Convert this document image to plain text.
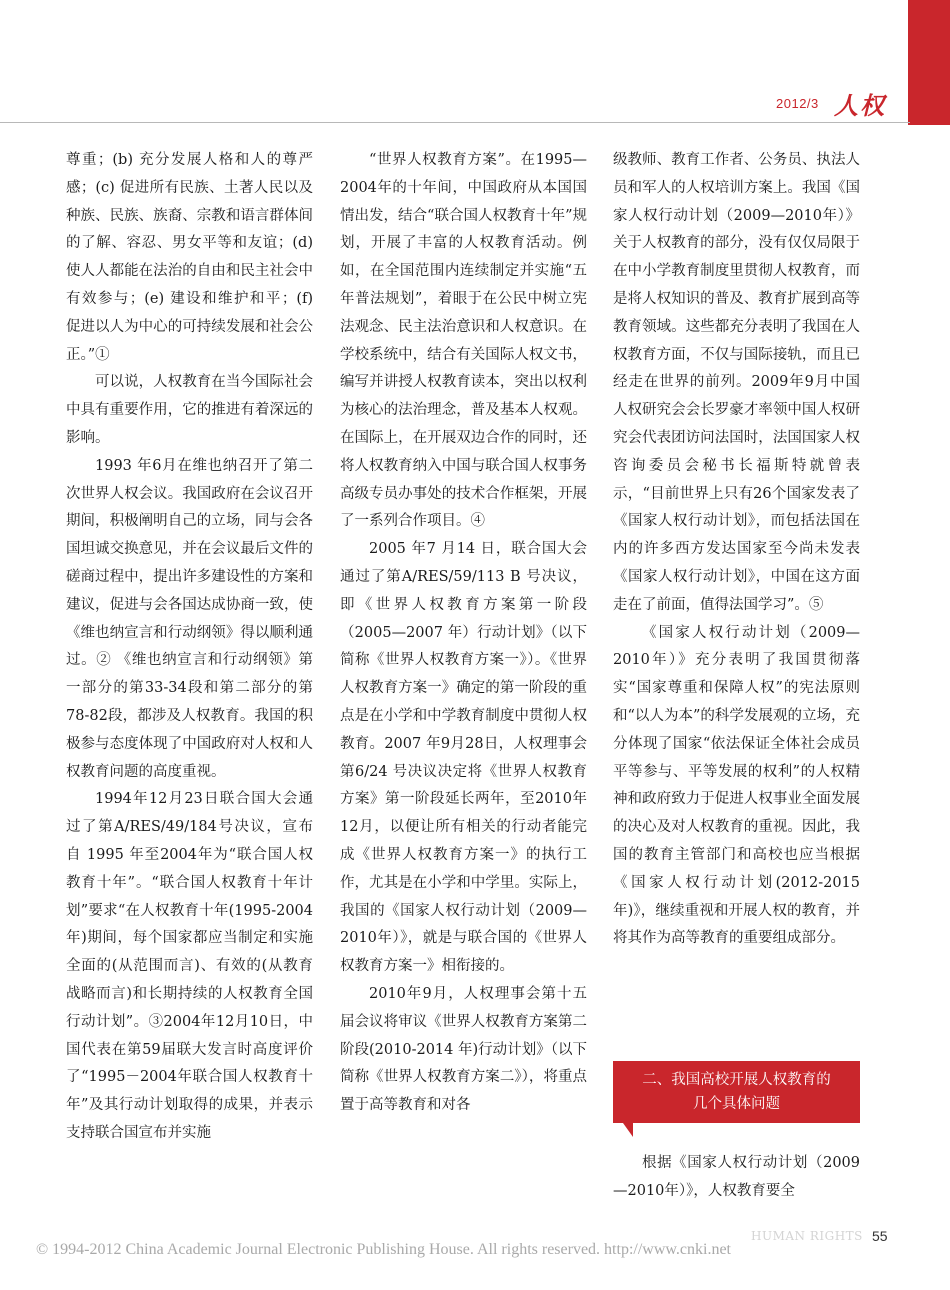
2012/3 人权

尊重；(b) 充分发展人格和人的尊严感；(c) 促进所有民族、土著人民以及种族、民族、族裔、宗教和语言群体间的了解、容忍、男女平等和友谊；(d) 使人人都能在法治的自由和民主社会中有效参与；(e) 建设和维护和平；(f) 促进以人为中心的可持续发展和社会公正。”①

可以说，人权教育在当今国际社会中具有重要作用，它的推进有着深远的影响。

1993 年6月在维也纳召开了第二次世界人权会议。我国政府在会议召开期间，积极阐明自己的立场，同与会各国坦诚交换意见，并在会议最后文件的磋商过程中，提出许多建设性的方案和建议，促进与会各国达成协商一致，使《维也纳宣言和行动纲领》得以顺利通过。② 《维也纳宣言和行动纲领》第一部分的第33-34段和第二部分的第78-82段，都涉及人权教育。我国的积极参与态度体现了中国政府对人权和人权教育问题的高度重视。

1994年12月23日联合国大会通过了第A/RES/49/184号决议，宣布自 1995 年至2004年为“联合国人权教育十年”。“联合国人权教育十年计划”要求“在人权教育十年(1995-2004 年)期间，每个国家都应当制定和实施全面的(从范围而言)、有效的(从教育战略而言)和长期持续的人权教育全国行动计划”。③2004年12月10日，中国代表在第59届联大发言时高度评价了“1995－2004年联合国人权教育十年”及其行动计划取得的成果，并表示支持联合国宣布并实施

“世界人权教育方案”。在1995—2004年的十年间，中国政府从本国国情出发，结合“联合国人权教育十年”规划，开展了丰富的人权教育活动。例如，在全国范围内连续制定并实施“五年普法规划”，着眼于在公民中树立宪法观念、民主法治意识和人权意识。在学校系统中，结合有关国际人权文书，编写并讲授人权教育读本，突出以权利为核心的法治理念，普及基本人权观。在国际上，在开展双边合作的同时，还将人权教育纳入中国与联合国人权事务高级专员办事处的技术合作框架，开展了一系列合作项目。④

2005 年7 月14 日，联合国大会通过了第A/RES/59/113 B 号决议，即《世界人权教育方案第一阶段（2005—2007 年）行动计划》（以下简称《世界人权教育方案一》）。《世界人权教育方案一》确定的第一阶段的重点是在小学和中学教育制度中贯彻人权教育。2007 年9月28日，人权理事会第6/24 号决议决定将《世界人权教育方案》第一阶段延长两年，至2010年12月，以便让所有相关的行动者能完成《世界人权教育方案一》的执行工作，尤其是在小学和中学里。实际上，我国的《国家人权行动计划（2009—2010年）》，就是与联合国的《世界人权教育方案一》相衔接的。

2010年9月，人权理事会第十五届会议将审议《世界人权教育方案第二阶段(2010-2014 年)行动计划》（以下简称《世界人权教育方案二》），将重点置于高等教育和对各

级教师、教育工作者、公务员、执法人员和军人的人权培训方案上。我国《国家人权行动计划（2009—2010年）》关于人权教育的部分，没有仅仅局限于在中小学教育制度里贯彻人权教育，而是将人权知识的普及、教育扩展到高等教育领域。这些都充分表明了我国在人权教育方面，不仅与国际接轨，而且已经走在世界的前列。2009年9月中国人权研究会会长罗豪才率领中国人权研究会代表团访问法国时，法国国家人权咨询委员会秘书长福斯特就曾表示，“目前世界上只有26个国家发表了《国家人权行动计划》，而包括法国在内的许多西方发达国家至今尚未发表《国家人权行动计划》，中国在这方面走在了前面，值得法国学习”。⑤

《国家人权行动计划（2009—2010年）》充分表明了我国贯彻落实“国家尊重和保障人权”的宪法原则和“以人为本”的科学发展观的立场，充分体现了国家“依法保证全体社会成员平等参与、平等发展的权利”的人权精神和政府致力于促进人权事业全面发展的决心及对人权教育的重视。因此，我国的教育主管部门和高校也应当根据《国家人权行动计划(2012-2015年)》，继续重视和开展人权的教育，并将其作为高等教育的重要组成部分。

二、我国高校开展人权教育的
几个具体问题

根据《国家人权行动计划（2009—2010年）》，人权教育要全

HUMAN RIGHTS 55
© 1994-2012 China Academic Journal Electronic Publishing House. All rights reserved. http://www.cnki.net
